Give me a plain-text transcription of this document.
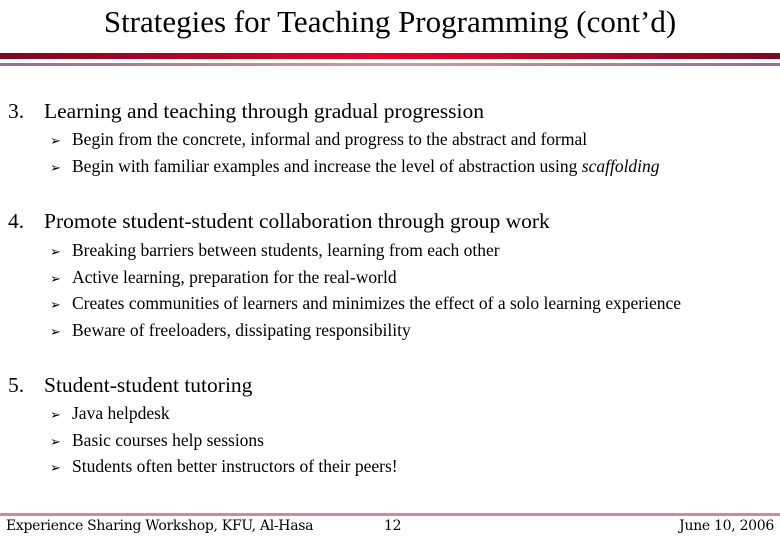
Strategies for Teaching Programming (cont’d)
3. Learning and teaching through gradual progression
➢ Begin from the concrete, informal and progress to the abstract and formal
➢ Begin with familiar examples and increase the level of abstraction using scaffolding
4. Promote student-student collaboration through group work
➢ Breaking barriers between students, learning from each other
➢ Active learning, preparation for the real-world
➢ Creates communities of learners and minimizes the effect of a solo learning experience
➢ Beware of freeloaders, dissipating responsibility
5. Student-student tutoring
➢ Java helpdesk
➢ Basic courses help sessions
➢ Students often better instructors of their peers!
Experience Sharing Workshop, KFU, Al-Hasa	12	June 10, 2006
